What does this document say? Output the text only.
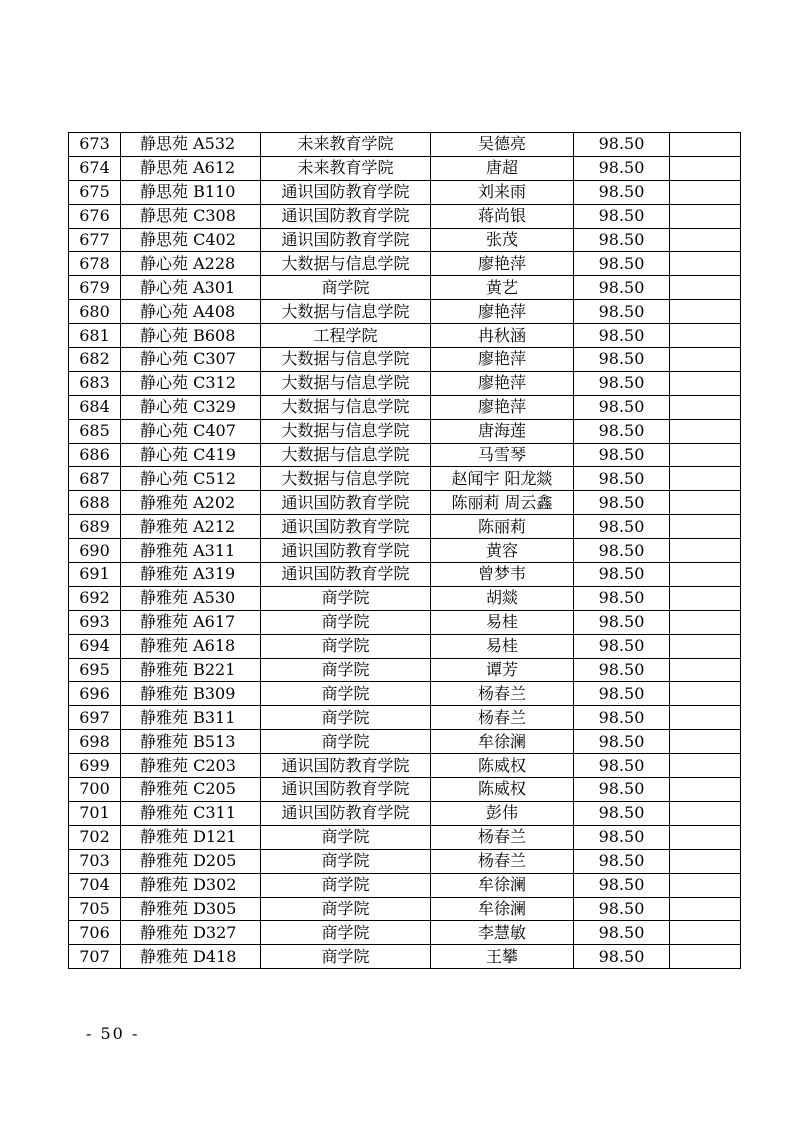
673	静思苑 A532	未来教育学院	吴德亮	98.50	
674	静思苑 A612	未来教育学院	唐超	98.50	
675	静思苑 B110	通识国防教育学院	刘来雨	98.50	
676	静思苑 C308	通识国防教育学院	蒋尚银	98.50	
677	静思苑 C402	通识国防教育学院	张茂	98.50	
678	静心苑 A228	大数据与信息学院	廖艳萍	98.50	
679	静心苑 A301	商学院	黄艺	98.50	
680	静心苑 A408	大数据与信息学院	廖艳萍	98.50	
681	静心苑 B608	工程学院	冉秋涵	98.50	
682	静心苑 C307	大数据与信息学院	廖艳萍	98.50	
683	静心苑 C312	大数据与信息学院	廖艳萍	98.50	
684	静心苑 C329	大数据与信息学院	廖艳萍	98.50	
685	静心苑 C407	大数据与信息学院	唐海莲	98.50	
686	静心苑 C419	大数据与信息学院	马雪琴	98.50	
687	静心苑 C512	大数据与信息学院	赵闻宇 阳龙燚	98.50	
688	静雅苑 A202	通识国防教育学院	陈丽莉 周云鑫	98.50	
689	静雅苑 A212	通识国防教育学院	陈丽莉	98.50	
690	静雅苑 A311	通识国防教育学院	黄容	98.50	
691	静雅苑 A319	通识国防教育学院	曾梦韦	98.50	
692	静雅苑 A530	商学院	胡燚	98.50	
693	静雅苑 A617	商学院	易桂	98.50	
694	静雅苑 A618	商学院	易桂	98.50	
695	静雅苑 B221	商学院	谭芳	98.50	
696	静雅苑 B309	商学院	杨春兰	98.50	
697	静雅苑 B311	商学院	杨春兰	98.50	
698	静雅苑 B513	商学院	牟徐澜	98.50	
699	静雅苑 C203	通识国防教育学院	陈威权	98.50	
700	静雅苑 C205	通识国防教育学院	陈威权	98.50	
701	静雅苑 C311	通识国防教育学院	彭伟	98.50	
702	静雅苑 D121	商学院	杨春兰	98.50	
703	静雅苑 D205	商学院	杨春兰	98.50	
704	静雅苑 D302	商学院	牟徐澜	98.50	
705	静雅苑 D305	商学院	牟徐澜	98.50	
706	静雅苑 D327	商学院	李慧敏	98.50	
707	静雅苑 D418	商学院	王攀	98.50	
- 50 -
